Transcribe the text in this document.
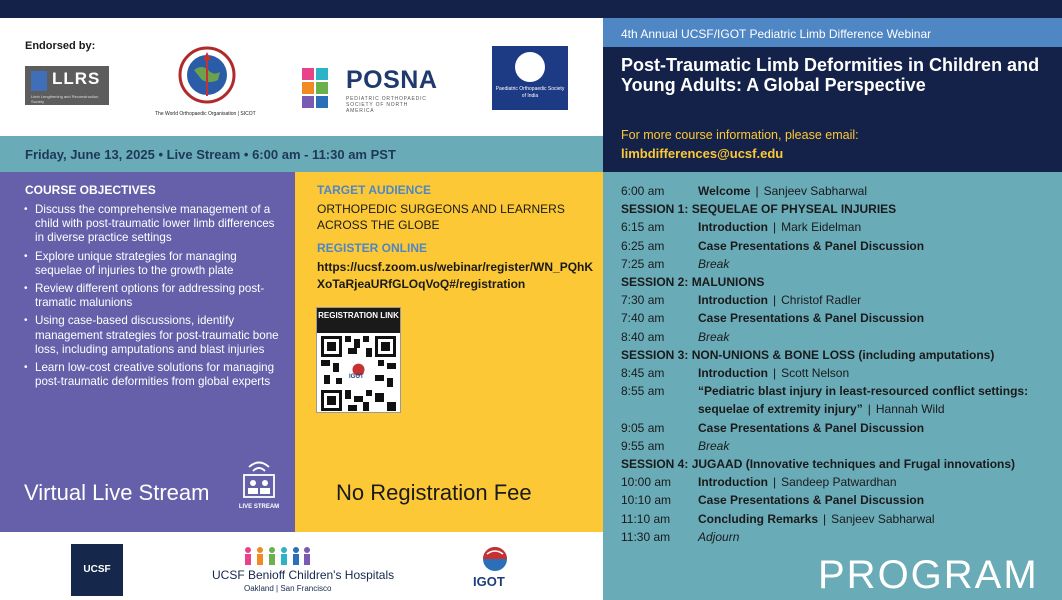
Endorsed by:
LLRS
Limb Lengthening and Reconstruction Society
The World Orthopaedic Organisation | SICOT
POSNA
PEDIATRIC ORTHOPAEDIC SOCIETY OF NORTH AMERICA
Paediatric Orthopaedic Society of India
Friday, June 13, 2025 • Live Stream • 6:00 am - 11:30 am PST
COURSE OBJECTIVES
• Discuss the comprehensive management of a child with post-traumatic lower limb differences in diverse practice settings
• Explore unique strategies for managing sequelae of injuries to the growth plate
• Review different options for addressing post-tramatic malunions
• Using case-based discussions, identify management strategies for post-traumatic bone loss, including amputations and blast injuries
• Learn low-cost creative solutions for managing post-traumatic deformities from global experts
Virtual Live Stream
LIVE STREAM
TARGET AUDIENCE
ORTHOPEDIC SURGEONS AND LEARNERS ACROSS THE GLOBE
REGISTER ONLINE
https://ucsf.zoom.us/webinar/register/WN_PQhKXoTaRjeaURfGLOqVoQ#/registration
REGISTRATION LINK
IGOT
No Registration Fee
UCSF	UCSF Benioff Children's Hospitals
Oakland | San Francisco	IGOT
4th Annual UCSF/IGOT Pediatric Limb Difference Webinar
Post-Traumatic Limb Deformities in Children and Young Adults: A Global Perspective
For more course information, please email:
limbdifferences@ucsf.edu
6:00 am	Welcome | Sanjeev Sabharwal
SESSION 1: SEQUELAE OF PHYSEAL INJURIES
6:15 am	Introduction | Mark Eidelman
6:25 am	Case Presentations & Panel Discussion
7:25 am	Break
SESSION 2: MALUNIONS
7:30 am	Introduction | Christof Radler
7:40 am	Case Presentations & Panel Discussion
8:40 am	Break
SESSION 3: NON-UNIONS & BONE LOSS (including amputations)
8:45 am	Introduction | Scott Nelson
8:55 am	“Pediatric blast injury in least-resourced conflict settings: sequelae of extremity injury” | Hannah Wild
9:05 am	Case Presentations & Panel Discussion
9:55 am	Break
SESSION 4: JUGAAD (Innovative techniques and Frugal innovations)
10:00 am	Introduction | Sandeep Patwardhan
10:10 am	Case Presentations & Panel Discussion
11:10 am	Concluding Remarks | Sanjeev Sabharwal
11:30 am	Adjourn
PROGRAM
